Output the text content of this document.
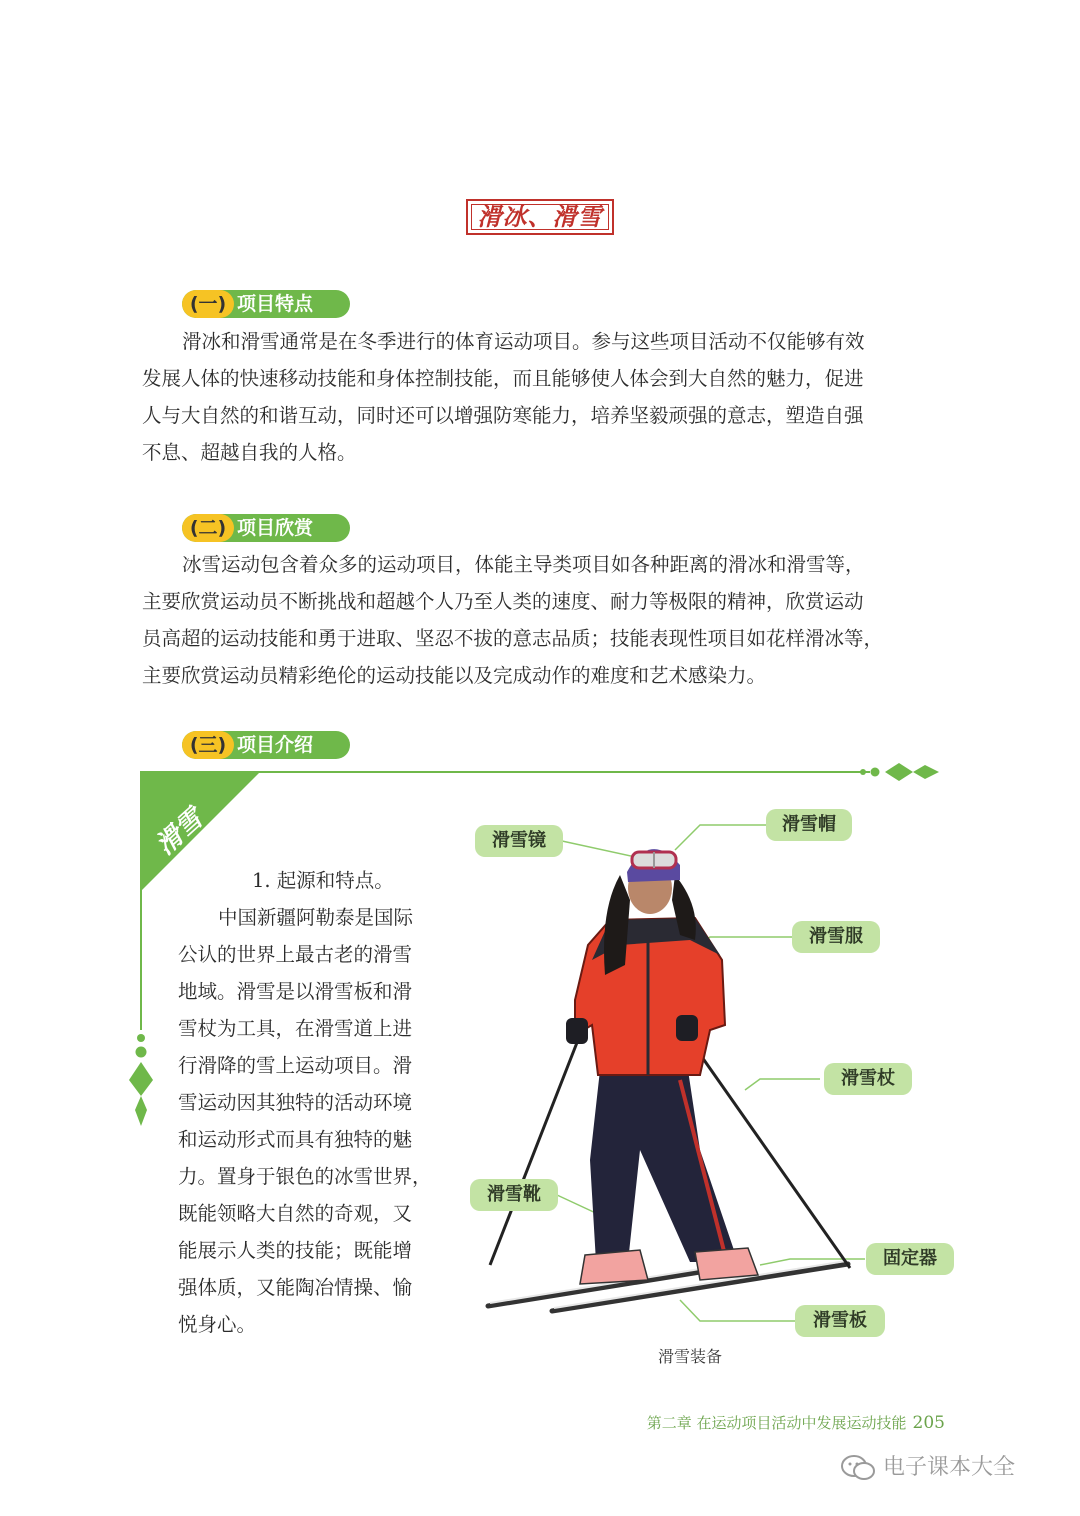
滑冰、滑雪
(一) 项目特点
滑冰和滑雪通常是在冬季进行的体育运动项目。参与这些项目活动不仅能够有效
发展人体的快速移动技能和身体控制技能，而且能够使人体会到大自然的魅力，促进
人与大自然的和谐互动，同时还可以增强防寒能力，培养坚毅顽强的意志，塑造自强
不息、超越自我的人格。
(二) 项目欣赏
冰雪运动包含着众多的运动项目，体能主导类项目如各种距离的滑冰和滑雪等，
主要欣赏运动员不断挑战和超越个人乃至人类的速度、耐力等极限的精神，欣赏运动
员高超的运动技能和勇于进取、坚忍不拔的意志品质；技能表现性项目如花样滑冰等，
主要欣赏运动员精彩绝伦的运动技能以及完成动作的难度和艺术感染力。
(三) 项目介绍
滑雪
1. 起源和特点。
中国新疆阿勒泰是国际
公认的世界上最古老的滑雪
地域。滑雪是以滑雪板和滑
雪杖为工具，在滑雪道上进
行滑降的雪上运动项目。滑
雪运动因其独特的活动环境
和运动形式而具有独特的魅
力。置身于银色的冰雪世界，
既能领略大自然的奇观，又
能展示人类的技能；既能增
强体质，又能陶冶情操、愉
悦身心。
滑雪镜
滑雪帽
滑雪服
滑雪杖
滑雪靴
固定器
滑雪板
滑雪装备
第二章 在运动项目活动中发展运动技能 205
电子课本大全
